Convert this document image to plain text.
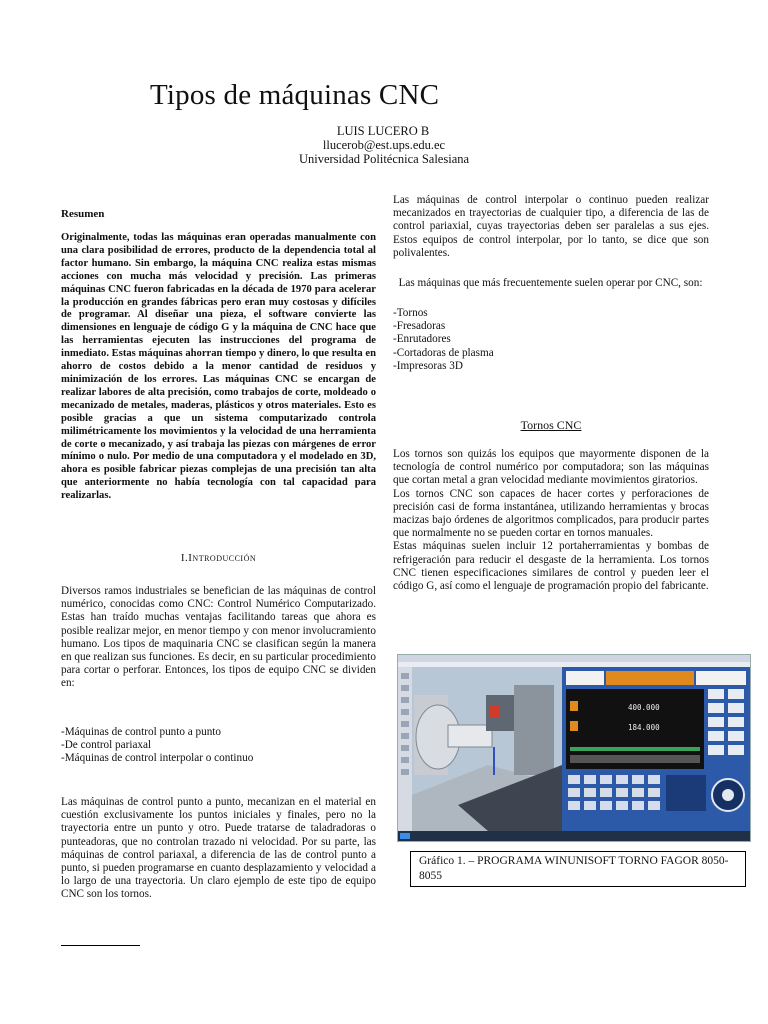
Tipos de máquinas CNC
LUIS LUCERO B
llucerob@est.ups.edu.ec
Universidad Politécnica Salesiana
Resumen

Originalmente, todas las máquinas eran operadas manualmente con una clara posibilidad de errores, producto de la dependencia total al factor humano. Sin embargo, la máquina CNC realiza estas mismas acciones con mucha más velocidad y precisión. Las primeras máquinas CNC fueron fabricadas en la década de 1970 para acelerar la producción en grandes fábricas pero eran muy costosas y difíciles de programar. Al diseñar una pieza, el software convierte las dimensiones en lenguaje de código G y la máquina de CNC hace que las herramientas ejecuten las instrucciones del programa de inmediato. Estas máquinas ahorran tiempo y dinero, lo que resulta en ahorro de costos debido a la menor cantidad de residuos y minimización de los errores. Las máquinas CNC se encargan de realizar labores de alta precisión, como trabajos de corte, moldeado o mecanizado de metales, maderas, plásticos y otros materiales. Esto es posible gracias a que un sistema computarizado controla milimétricamente los movimientos y la velocidad de una herramienta de corte o mecanizado, y así trabaja las piezas con márgenes de error mínimo o nulo. Por medio de una computadora y el modelado en 3D, ahora es posible fabricar piezas complejas de una precisión tan alta que anteriormente no había tecnología con tal capacidad para realizarlas.

I.Introducción

Diversos ramos industriales se benefician de las máquinas de control numérico, conocidas como CNC: Control Numérico Computarizado. Estas han traído muchas ventajas facilitando tareas que ahora es posible realizar mejor, en menor tiempo y con menor involucramiento humano. Los tipos de maquinaria CNC se clasifican según la manera en que realizan sus funciones. Es decir, en su particular procedimiento para cortar o perforar. Entonces, los tipos de equipo CNC se dividen en:

-Máquinas de control punto a punto
-De control pariaxal
-Máquinas de control interpolar o continuo

Las máquinas de control punto a punto, mecanizan en el material en cuestión exclusivamente los puntos iniciales y finales, pero no la trayectoria entre un punto y otro. Puede tratarse de taladradoras o punteadoras, que no controlan trazado ni velocidad. Por su parte, las máquinas de control pariaxal, a diferencia de las de control punto a punto, si pueden programarse en cuanto desplazamiento y velocidad a lo largo de una trayectoria. Un claro ejemplo de este tipo de equipo CNC son los tornos.

Las máquinas de control interpolar o continuo pueden realizar mecanizados en trayectorias de cualquier tipo, a diferencia de las de control pariaxial, cuyas trayectorias deben ser paralelas a sus ejes. Estos equipos de control interpolar, por lo tanto, se dice que son polivalentes.

Las máquinas que más frecuentemente suelen operar por CNC, son:

-Tornos
-Fresadoras
-Enrutadores
-Cortadoras de plasma
-Impresoras 3D
Tornos CNC

Los tornos son quizás los equipos que mayormente disponen de la tecnología de control numérico por computadora; son las máquinas que cortan metal a gran velocidad mediante movimientos giratorios.

Los tornos CNC son capaces de hacer cortes y perforaciones de precisión casi de forma instantánea, utilizando herramientas y brocas macizas bajo órdenes de algoritmos complicados, para producir partes que normalmente no se pueden cortar en tornos manuales.

Estas máquinas suelen incluir 12 portaherramientas y bombas de refrigeración para reducir el desgaste de la herramienta. Los tornos CNC tienen especificaciones similares de control y pueden leer el código G, así como el lenguaje de programación propio del fabricante.

400.000
184.000
Gráfico 1. – PROGRAMA WINUNISOFT TORNO FAGOR 8050-8055
